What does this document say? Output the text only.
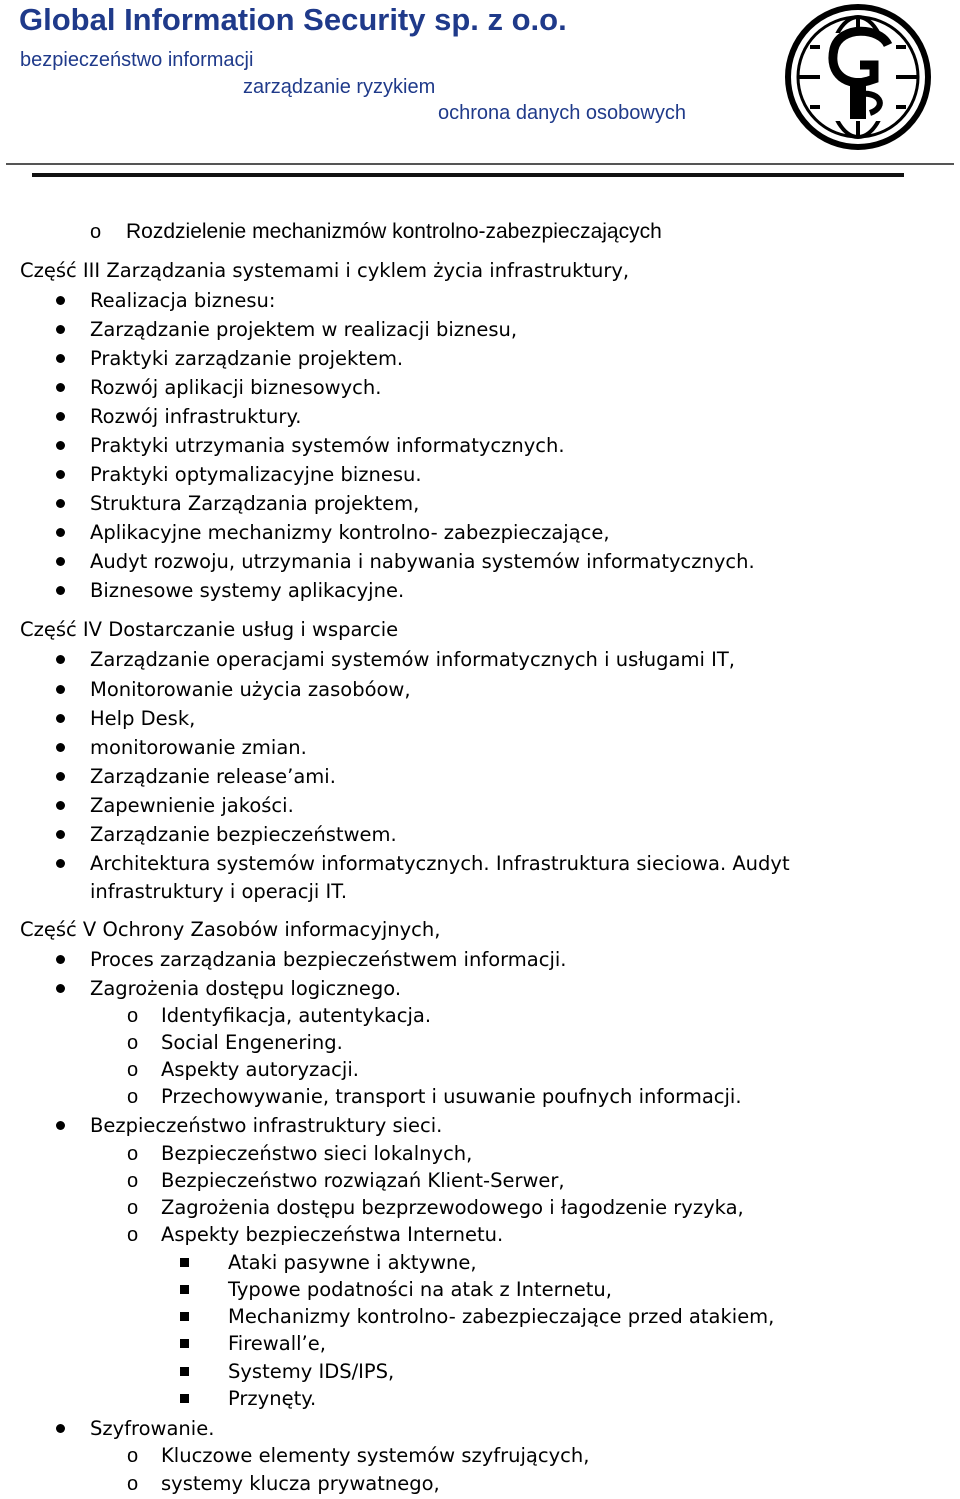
Global Information Security sp. z o.o.
bezpieczeństwo informacji
zarządzanie ryzykiem
ochrona danych osobowych
o Rozdzielenie mechanizmów kontrolno-zabezpieczających
Część III Zarządzania systemami i cyklem życia infrastruktury,
Realizacja biznesu:
Zarządzanie projektem w realizacji biznesu,
Praktyki zarządzanie projektem.
Rozwój aplikacji biznesowych.
Rozwój infrastruktury.
Praktyki utrzymania systemów informatycznych.
Praktyki optymalizacyjne biznesu.
Struktura Zarządzania projektem,
Aplikacyjne mechanizmy kontrolno- zabezpieczające,
Audyt rozwoju, utrzymania i nabywania systemów informatycznych.
Biznesowe systemy aplikacyjne.
Część IV Dostarczanie usług i wsparcie
Zarządzanie operacjami systemów informatycznych i usługami IT,
Monitorowanie użycia zasobóow,
Help Desk,
monitorowanie zmian.
Zarządzanie release’ami.
Zapewnienie jakości.
Zarządzanie bezpieczeństwem.
Architektura systemów informatycznych. Infrastruktura sieciowa. Audyt
infrastruktury i operacji IT.
Część V Ochrony Zasobów informacyjnych,
Proces zarządzania bezpieczeństwem informacji.
Zagrożenia dostępu logicznego.
o Identyfikacja, autentykacja.
o Social Engenering.
o Aspekty autoryzacji.
o Przechowywanie, transport i usuwanie poufnych informacji.
Bezpieczeństwo infrastruktury sieci.
o Bezpieczeństwo sieci lokalnych,
o Bezpieczeństwo rozwiązań Klient-Serwer,
o Zagrożenia dostępu bezprzewodowego i łagodzenie ryzyka,
o Aspekty bezpieczeństwa Internetu.
Ataki pasywne i aktywne,
Typowe podatności na atak z Internetu,
Mechanizmy kontrolno- zabezpieczające przed atakiem,
Firewall’e,
Systemy IDS/IPS,
Przynęty.
Szyfrowanie.
o Kluczowe elementy systemów szyfrujących,
o systemy klucza prywatnego,
